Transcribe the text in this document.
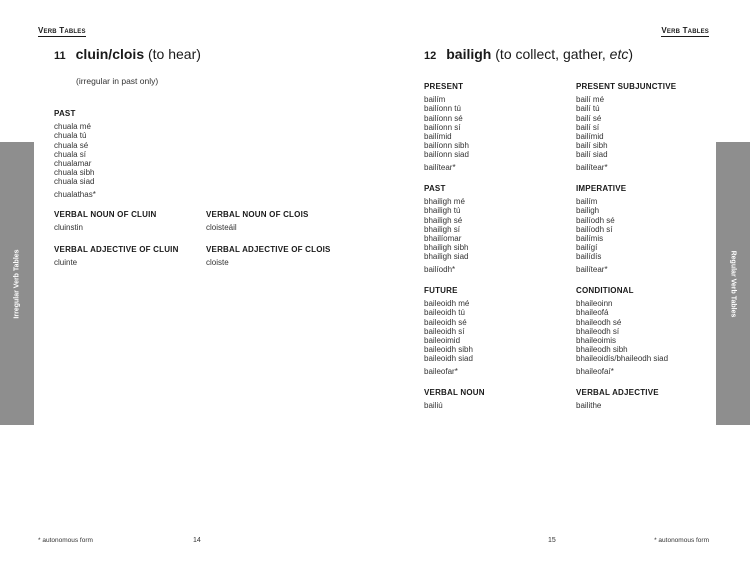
Verb Tables
Irregular Verb Tables
11 cluin/clois (to hear)
(irregular in past only)
PAST
chuala mé
chuala tú
chuala sé
chuala sí
chualamar
chuala sibh
chuala siad
chualathas*
VERBAL NOUN OF CLUIN
cluinstin
VERBAL NOUN OF CLOIS
cloisteáil
VERBAL ADJECTIVE OF CLUIN
cluinte
VERBAL ADJECTIVE OF CLOIS
cloiste
* autonomous form	14
Verb Tables
Regular Verb Tables
12 bailigh (to collect, gather, etc)
PRESENT
bailím
bailíonn tú
bailíonn sé
bailíonn sí
bailímid
bailíonn sibh
bailíonn siad
bailítear*
PRESENT SUBJUNCTIVE
bailí mé
bailí tú
bailí sé
bailí sí
bailímid
bailí sibh
bailí siad
bailítear*
PAST
bhailigh mé
bhailigh tú
bhailigh sé
bhailigh sí
bhailíomar
bhailigh sibh
bhailigh siad
bailíodh*
IMPERATIVE
bailím
bailigh
bailíodh sé
bailíodh sí
bailímis
bailígí
bailídís
bailítear*
FUTURE
baileoidh mé
baileoidh tú
baileoidh sé
baileoidh sí
baileoimid
baileoidh sibh
baileoidh siad
baileofar*
CONDITIONAL
bhaileoinn
bhaileofá
bhaileodh sé
bhaileodh sí
bhaileoimis
bhaileodh sibh
bhaileoidís/bhaileodh siad
bhaileofaí*
VERBAL NOUN
bailiú
VERBAL ADJECTIVE
bailithe
15	* autonomous form
